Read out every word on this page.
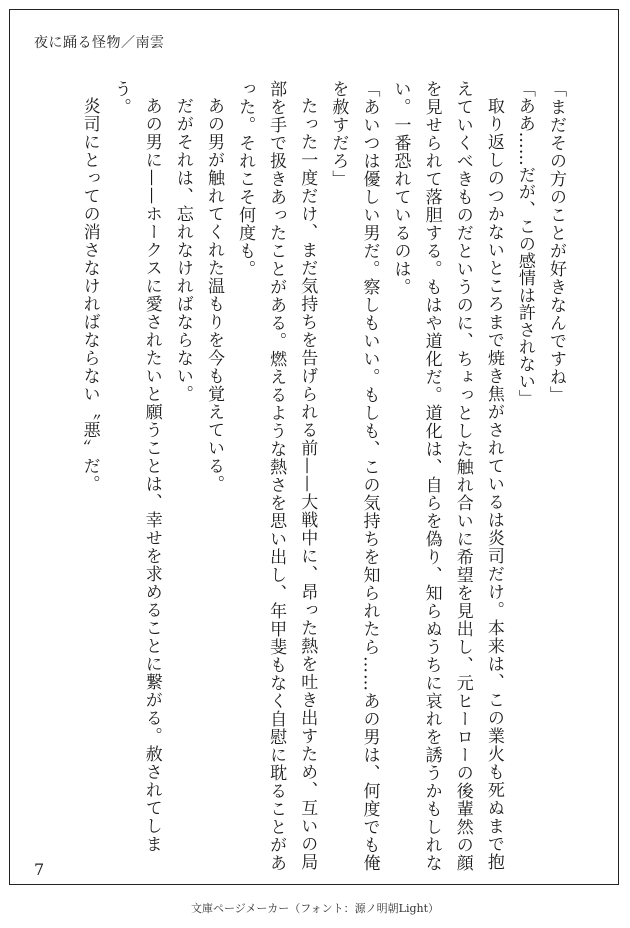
夜に踊る怪物／南雲

「まだその方のことが好きなんですね」

「ああ……だが、この感情は許されない」

取り返しのつかないところまで焼き焦がされているは炎司だけ。本来は、この業火も死ぬまで抱えていくべきものだというのに、ちょっとした触れ合いに希望を見出し、元ヒーローの後輩然の顔を見せられて落胆する。もはや道化だ。道化は、自らを偽り、知らぬうちに哀れを誘うかもしれない。一番恐れているのは。

「あいつは優しい男だ。察しもいい。もしも、この気持ちを知られたら……あの男は、何度でも俺を赦すだろ」

たった一度だけ、まだ気持ちを告げられる前——大戦中に、昂った熱を吐き出すため、互いの局部を手で扱きあったことがある。燃えるような熱さを思い出し、年甲斐もなく自慰に耽ることがあった。それこそ何度も。

あの男が触れてくれた温もりを今も覚えている。

だがそれは、忘れなければならない。

あの男に——ホークスに愛されたいと願うことは、幸せを求めることに繋がる。赦されてしまう。

炎司にとっての消さなければならない〝悪〟だ。

7
文庫ページメーカー（フォント：源ノ明朝Light）
